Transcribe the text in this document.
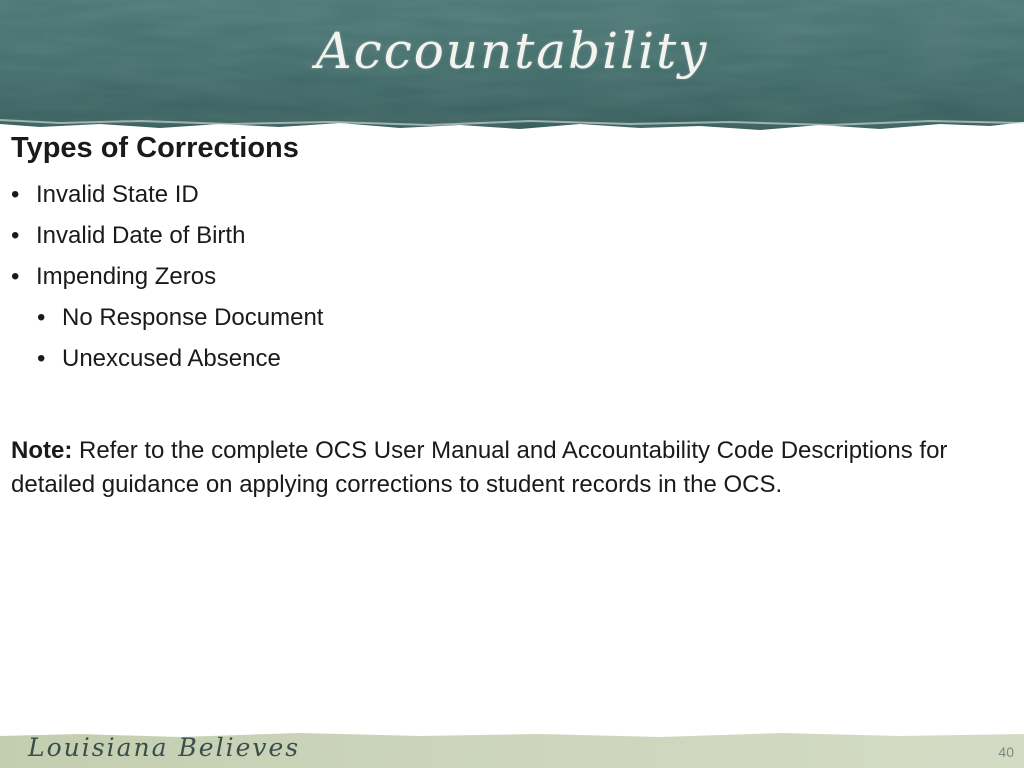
Accountability
Types of Corrections
• Invalid State ID
• Invalid Date of Birth
• Impending Zeros
• No Response Document
• Unexcused Absence
Note: Refer to the complete OCS User Manual and Accountability Code Descriptions for detailed guidance on applying corrections to student records in the OCS.
Louisiana Believes	40
